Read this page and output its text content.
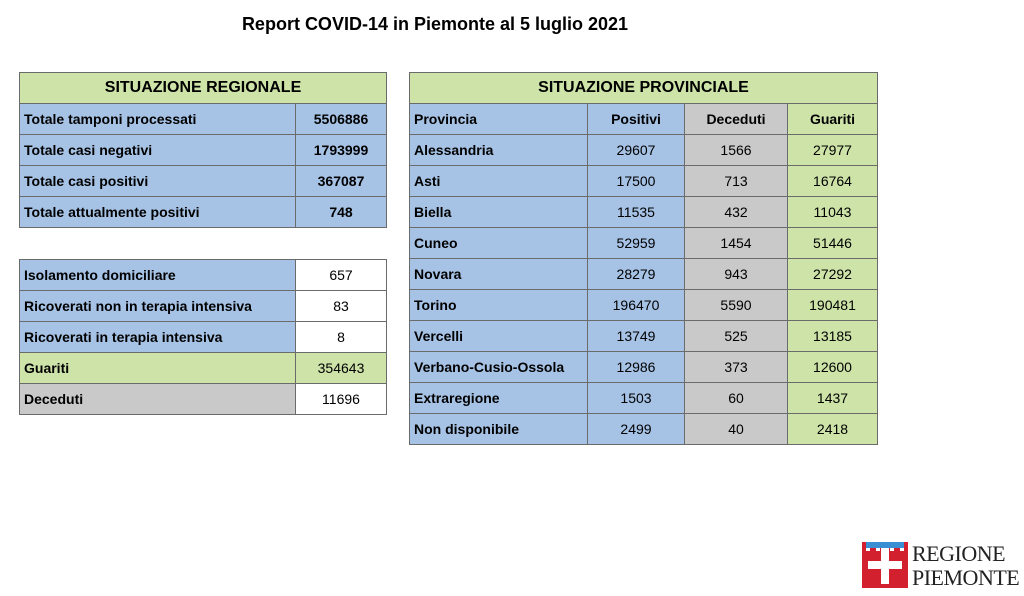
Report COVID-14 in Piemonte al 5 luglio 2021
SITUAZIONE REGIONALE	
Totale tamponi processati	5506886
Totale casi negativi	1793999
Totale casi positivi	367087
Totale attualmente positivi	748
Isolamento domiciliare	657
Ricoverati non in terapia intensiva	83
Ricoverati in terapia intensiva	8
Guariti	354643
Deceduti	11696
SITUAZIONE PROVINCIALE			
Provincia	Positivi	Deceduti	Guariti
Alessandria	29607	1566	27977
Asti	17500	713	16764
Biella	11535	432	11043
Cuneo	52959	1454	51446
Novara	28279	943	27292
Torino	196470	5590	190481
Vercelli	13749	525	13185
Verbano-Cusio-Ossola	12986	373	12600
Extraregione	1503	60	1437
Non disponibile	2499	40	2418
REGIONE
PIEMONTE
